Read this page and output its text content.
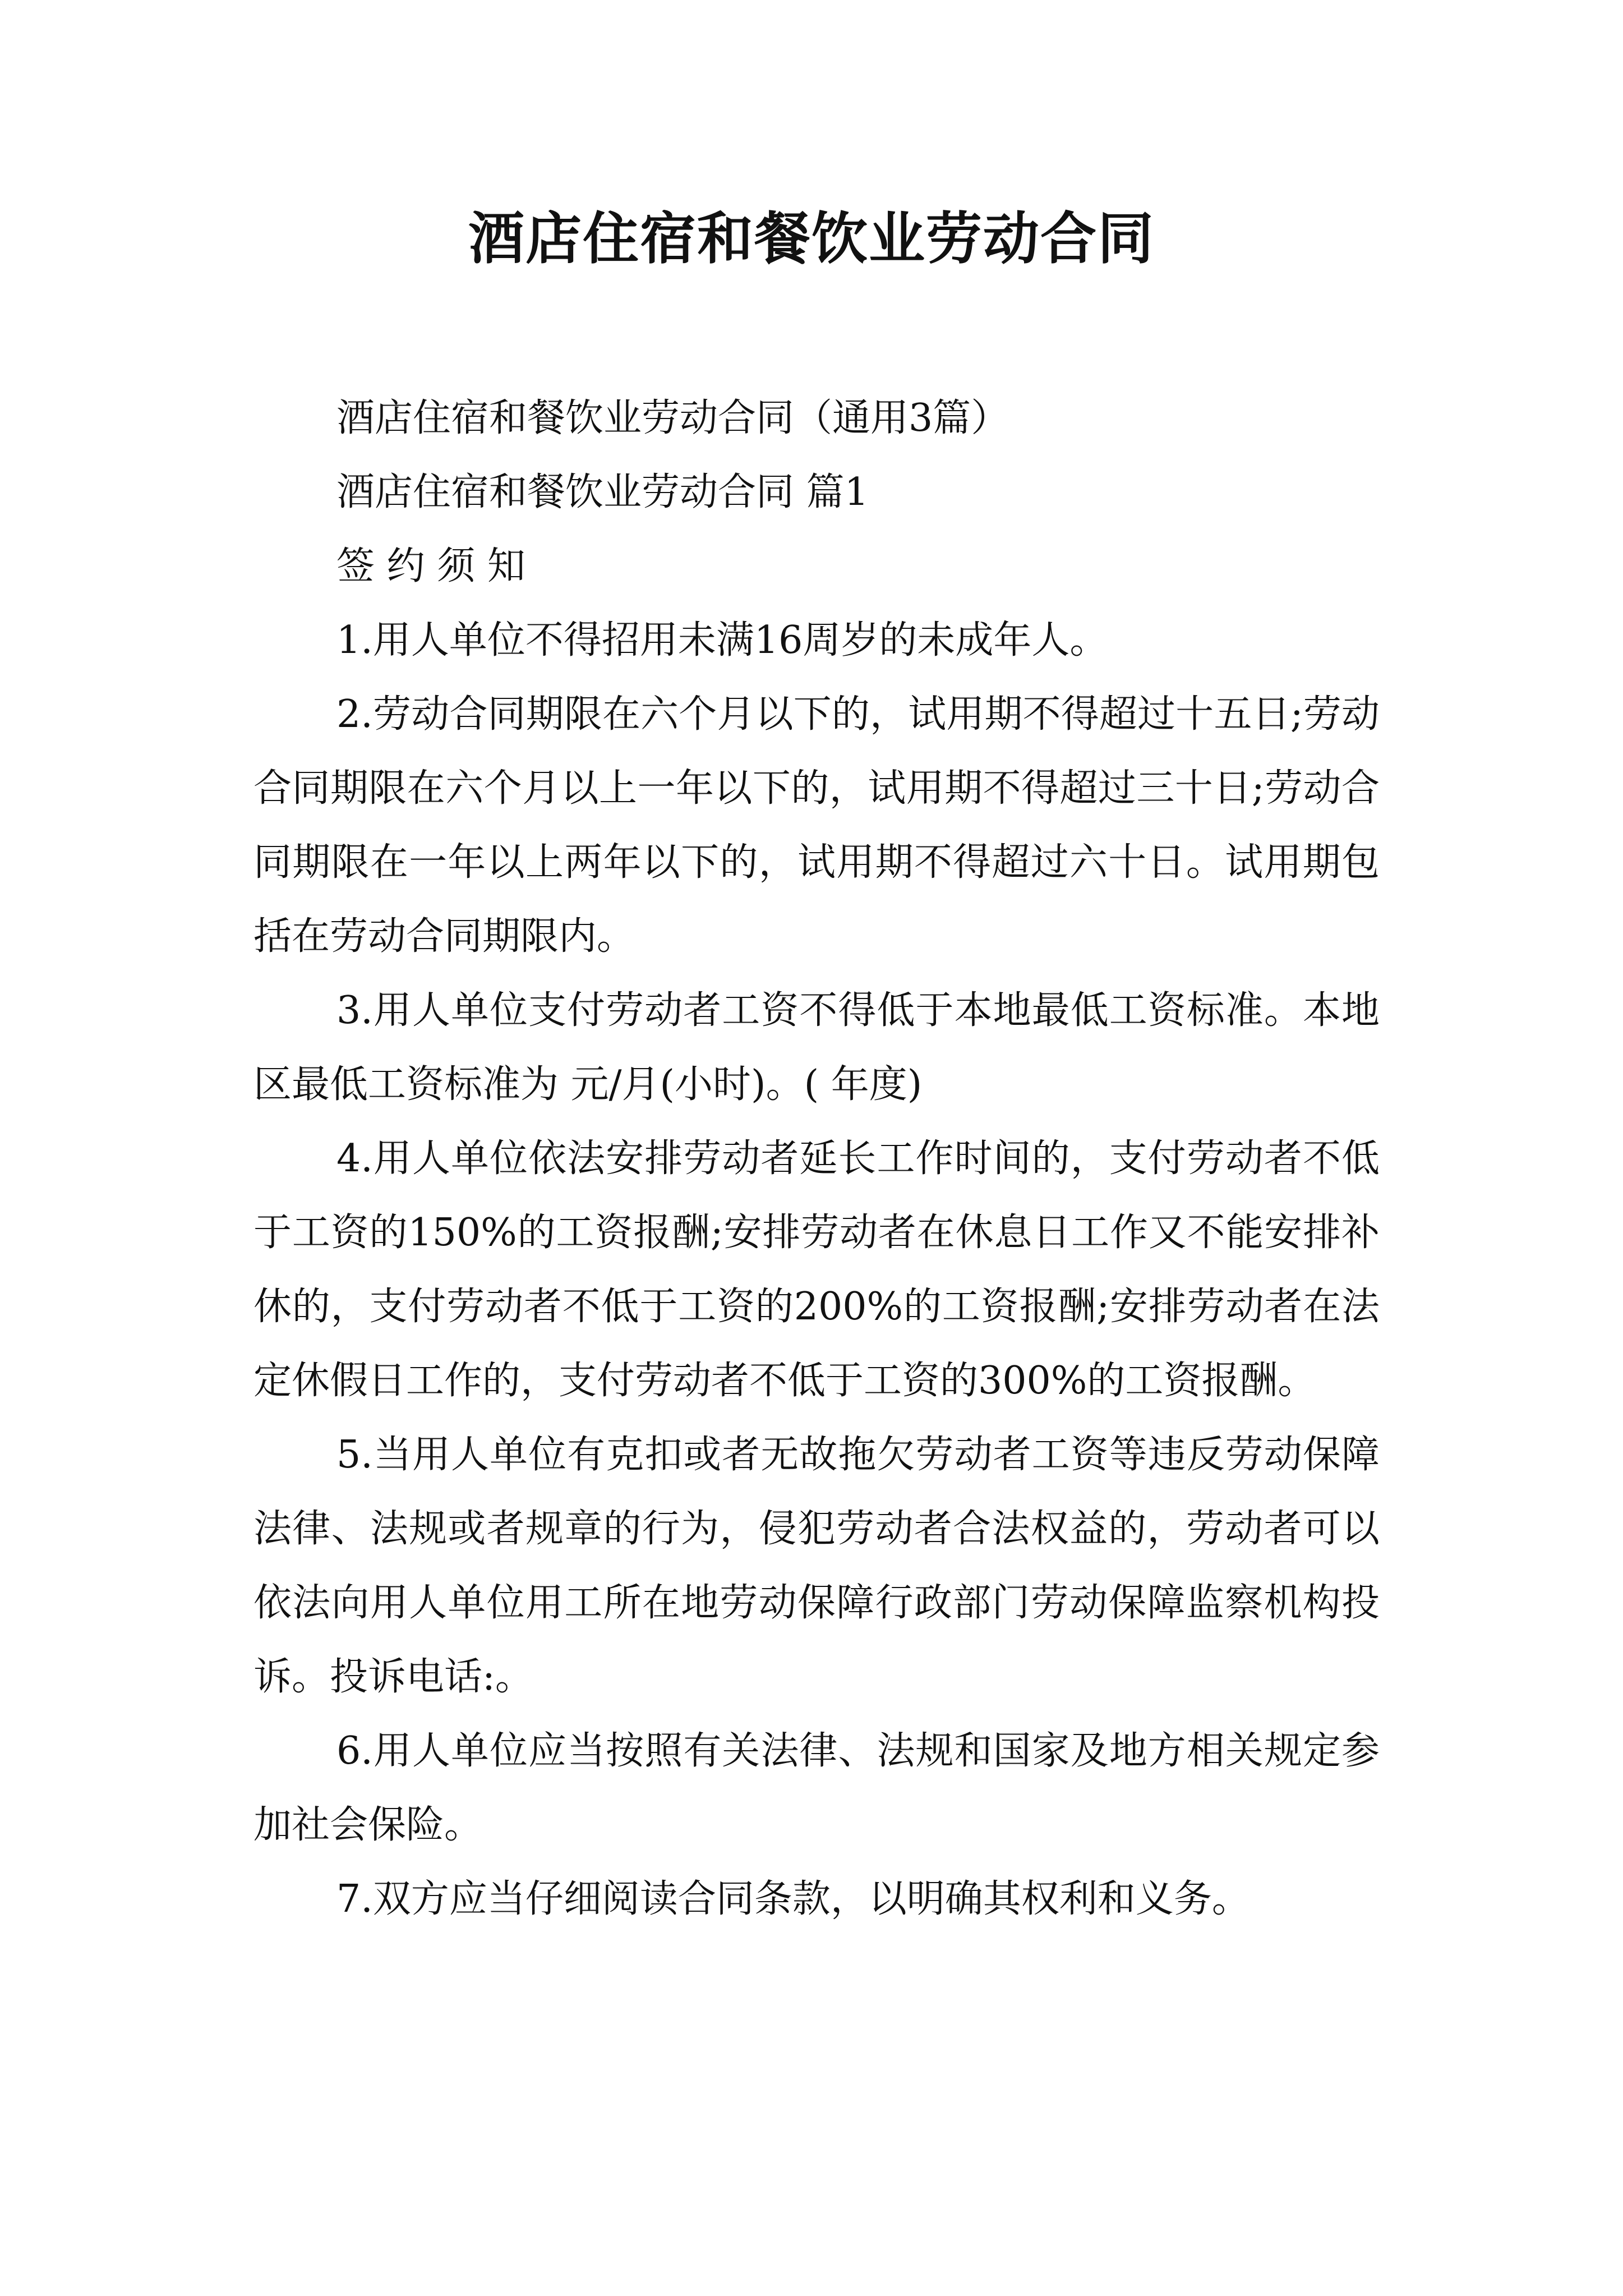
酒店住宿和餐饮业劳动合同

酒店住宿和餐饮业劳动合同（通用3篇）

酒店住宿和餐饮业劳动合同 篇1

签 约 须 知

1.用人单位不得招用未满16周岁的未成年人。

2.劳动合同期限在六个月以下的，试用期不得超过十五日;劳动合同期限在六个月以上一年以下的，试用期不得超过三十日;劳动合同期限在一年以上两年以下的，试用期不得超过六十日。试用期包括在劳动合同期限内。

3.用人单位支付劳动者工资不得低于本地最低工资标准。本地区最低工资标准为 元/月(小时)。( 年度)

4.用人单位依法安排劳动者延长工作时间的，支付劳动者不低于工资的150%的工资报酬;安排劳动者在休息日工作又不能安排补休的，支付劳动者不低于工资的200%的工资报酬;安排劳动者在法定休假日工作的，支付劳动者不低于工资的300%的工资报酬。

5.当用人单位有克扣或者无故拖欠劳动者工资等违反劳动保障法律、法规或者规章的行为，侵犯劳动者合法权益的，劳动者可以依法向用人单位用工所在地劳动保障行政部门劳动保障监察机构投诉。投诉电话:。

6.用人单位应当按照有关法律、法规和国家及地方相关规定参加社会保险。

7.双方应当仔细阅读合同条款，以明确其权利和义务。
